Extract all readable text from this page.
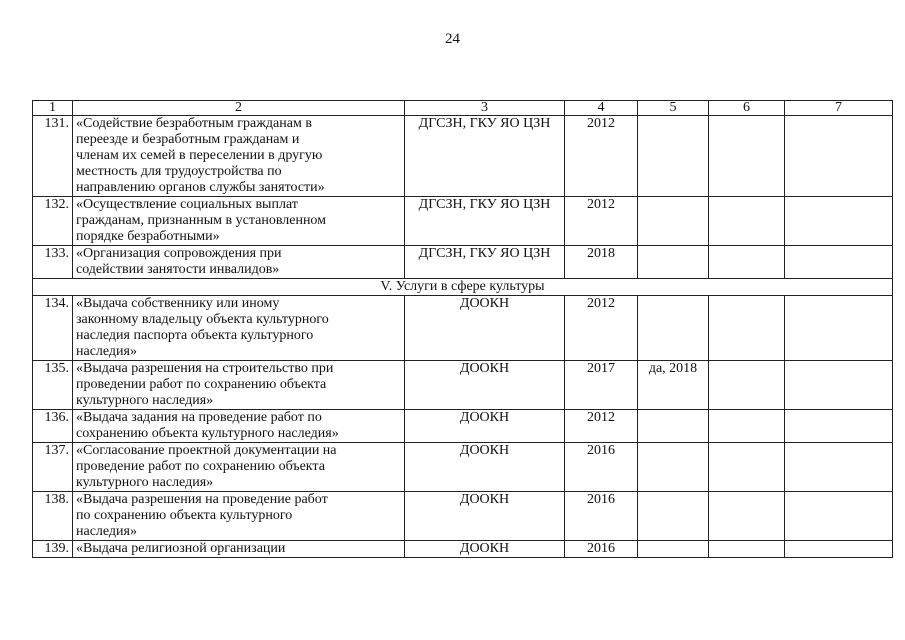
24
1	2	3	4	5	6	7
131.	«Содействие безработным гражданам в
переезде и безработным гражданам и
членам их семей в переселении в другую
местность для трудоустройства по
направлению органов службы занятости»	ДГСЗН, ГКУ ЯО ЦЗН	2012			
132.	«Осуществление социальных выплат
гражданам, признанным в установленном
порядке безработными»	ДГСЗН, ГКУ ЯО ЦЗН	2012			
133.	«Организация сопровождения при
содействии занятости инвалидов»	ДГСЗН, ГКУ ЯО ЦЗН	2018			
V. Услуги в сфере культуры						
134.	«Выдача собственнику или иному
законному владельцу объекта культурного
наследия паспорта объекта культурного
наследия»	ДООКН	2012			
135.	«Выдача разрешения на строительство при
проведении работ по сохранению объекта
культурного наследия»	ДООКН	2017	да, 2018		
136.	«Выдача задания на проведение работ по
сохранению объекта культурного наследия»	ДООКН	2012			
137.	«Согласование проектной документации на
проведение работ по сохранению объекта
культурного наследия»	ДООКН	2016			
138.	«Выдача разрешения на проведение работ
по сохранению объекта культурного
наследия»	ДООКН	2016			
139.	«Выдача религиозной организации	ДООКН	2016			
